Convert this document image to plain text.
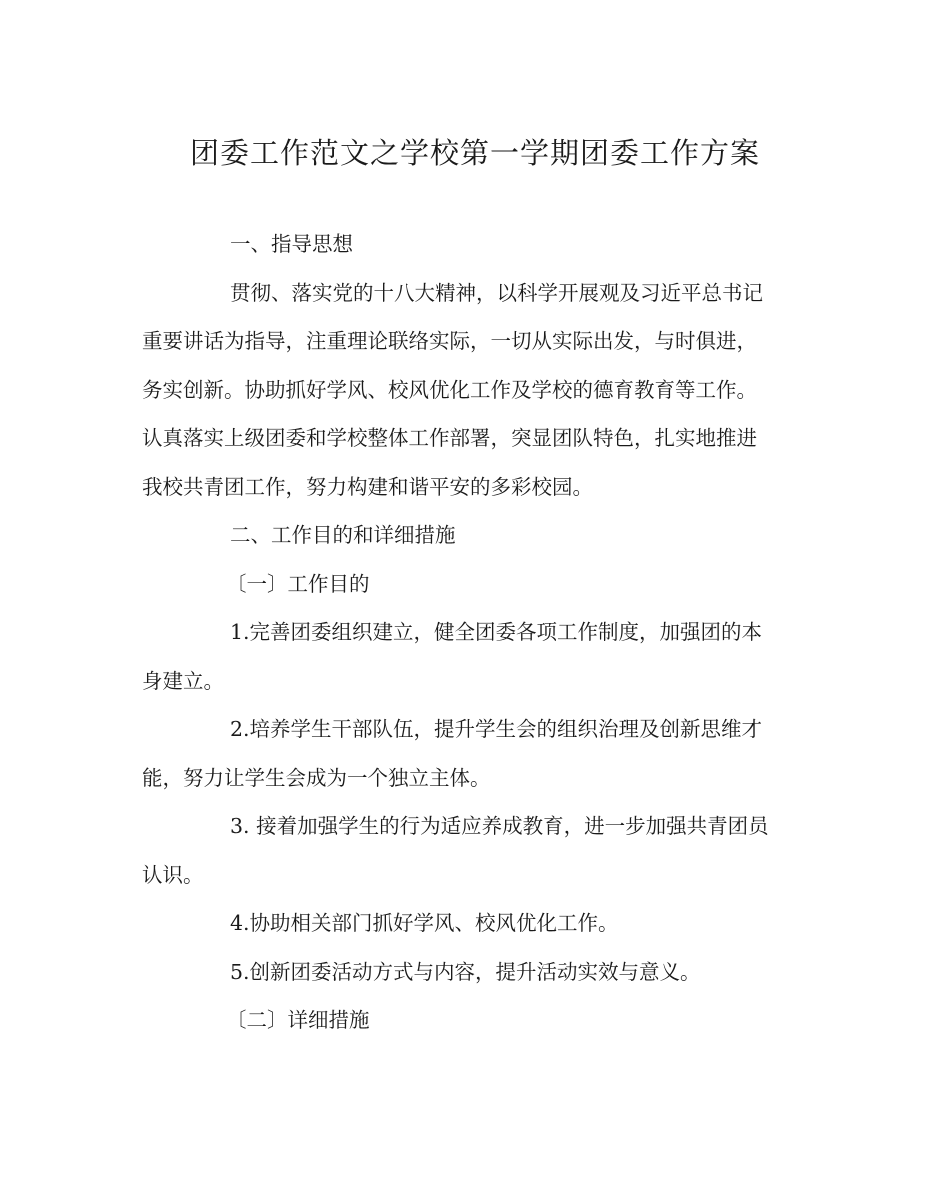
团委工作范文之学校第一学期团委工作方案

一、指导思想

贯彻、落实党的十八大精神，以科学开展观及习近平总书记

重要讲话为指导，注重理论联络实际，一切从实际出发，与时俱进，

务实创新。协助抓好学风、校风优化工作及学校的德育教育等工作。

认真落实上级团委和学校整体工作部署，突显团队特色，扎实地推进

我校共青团工作，努力构建和谐平安的多彩校园。

二、工作目的和详细措施

〔一〕工作目的

1.完善团委组织建立，健全团委各项工作制度，加强团的本

身建立。

2.培养学生干部队伍，提升学生会的组织治理及创新思维才

能，努力让学生会成为一个独立主体。

3. 接着加强学生的行为适应养成教育，进一步加强共青团员

认识。

4.协助相关部门抓好学风、校风优化工作。

5.创新团委活动方式与内容，提升活动实效与意义。

〔二〕详细措施
